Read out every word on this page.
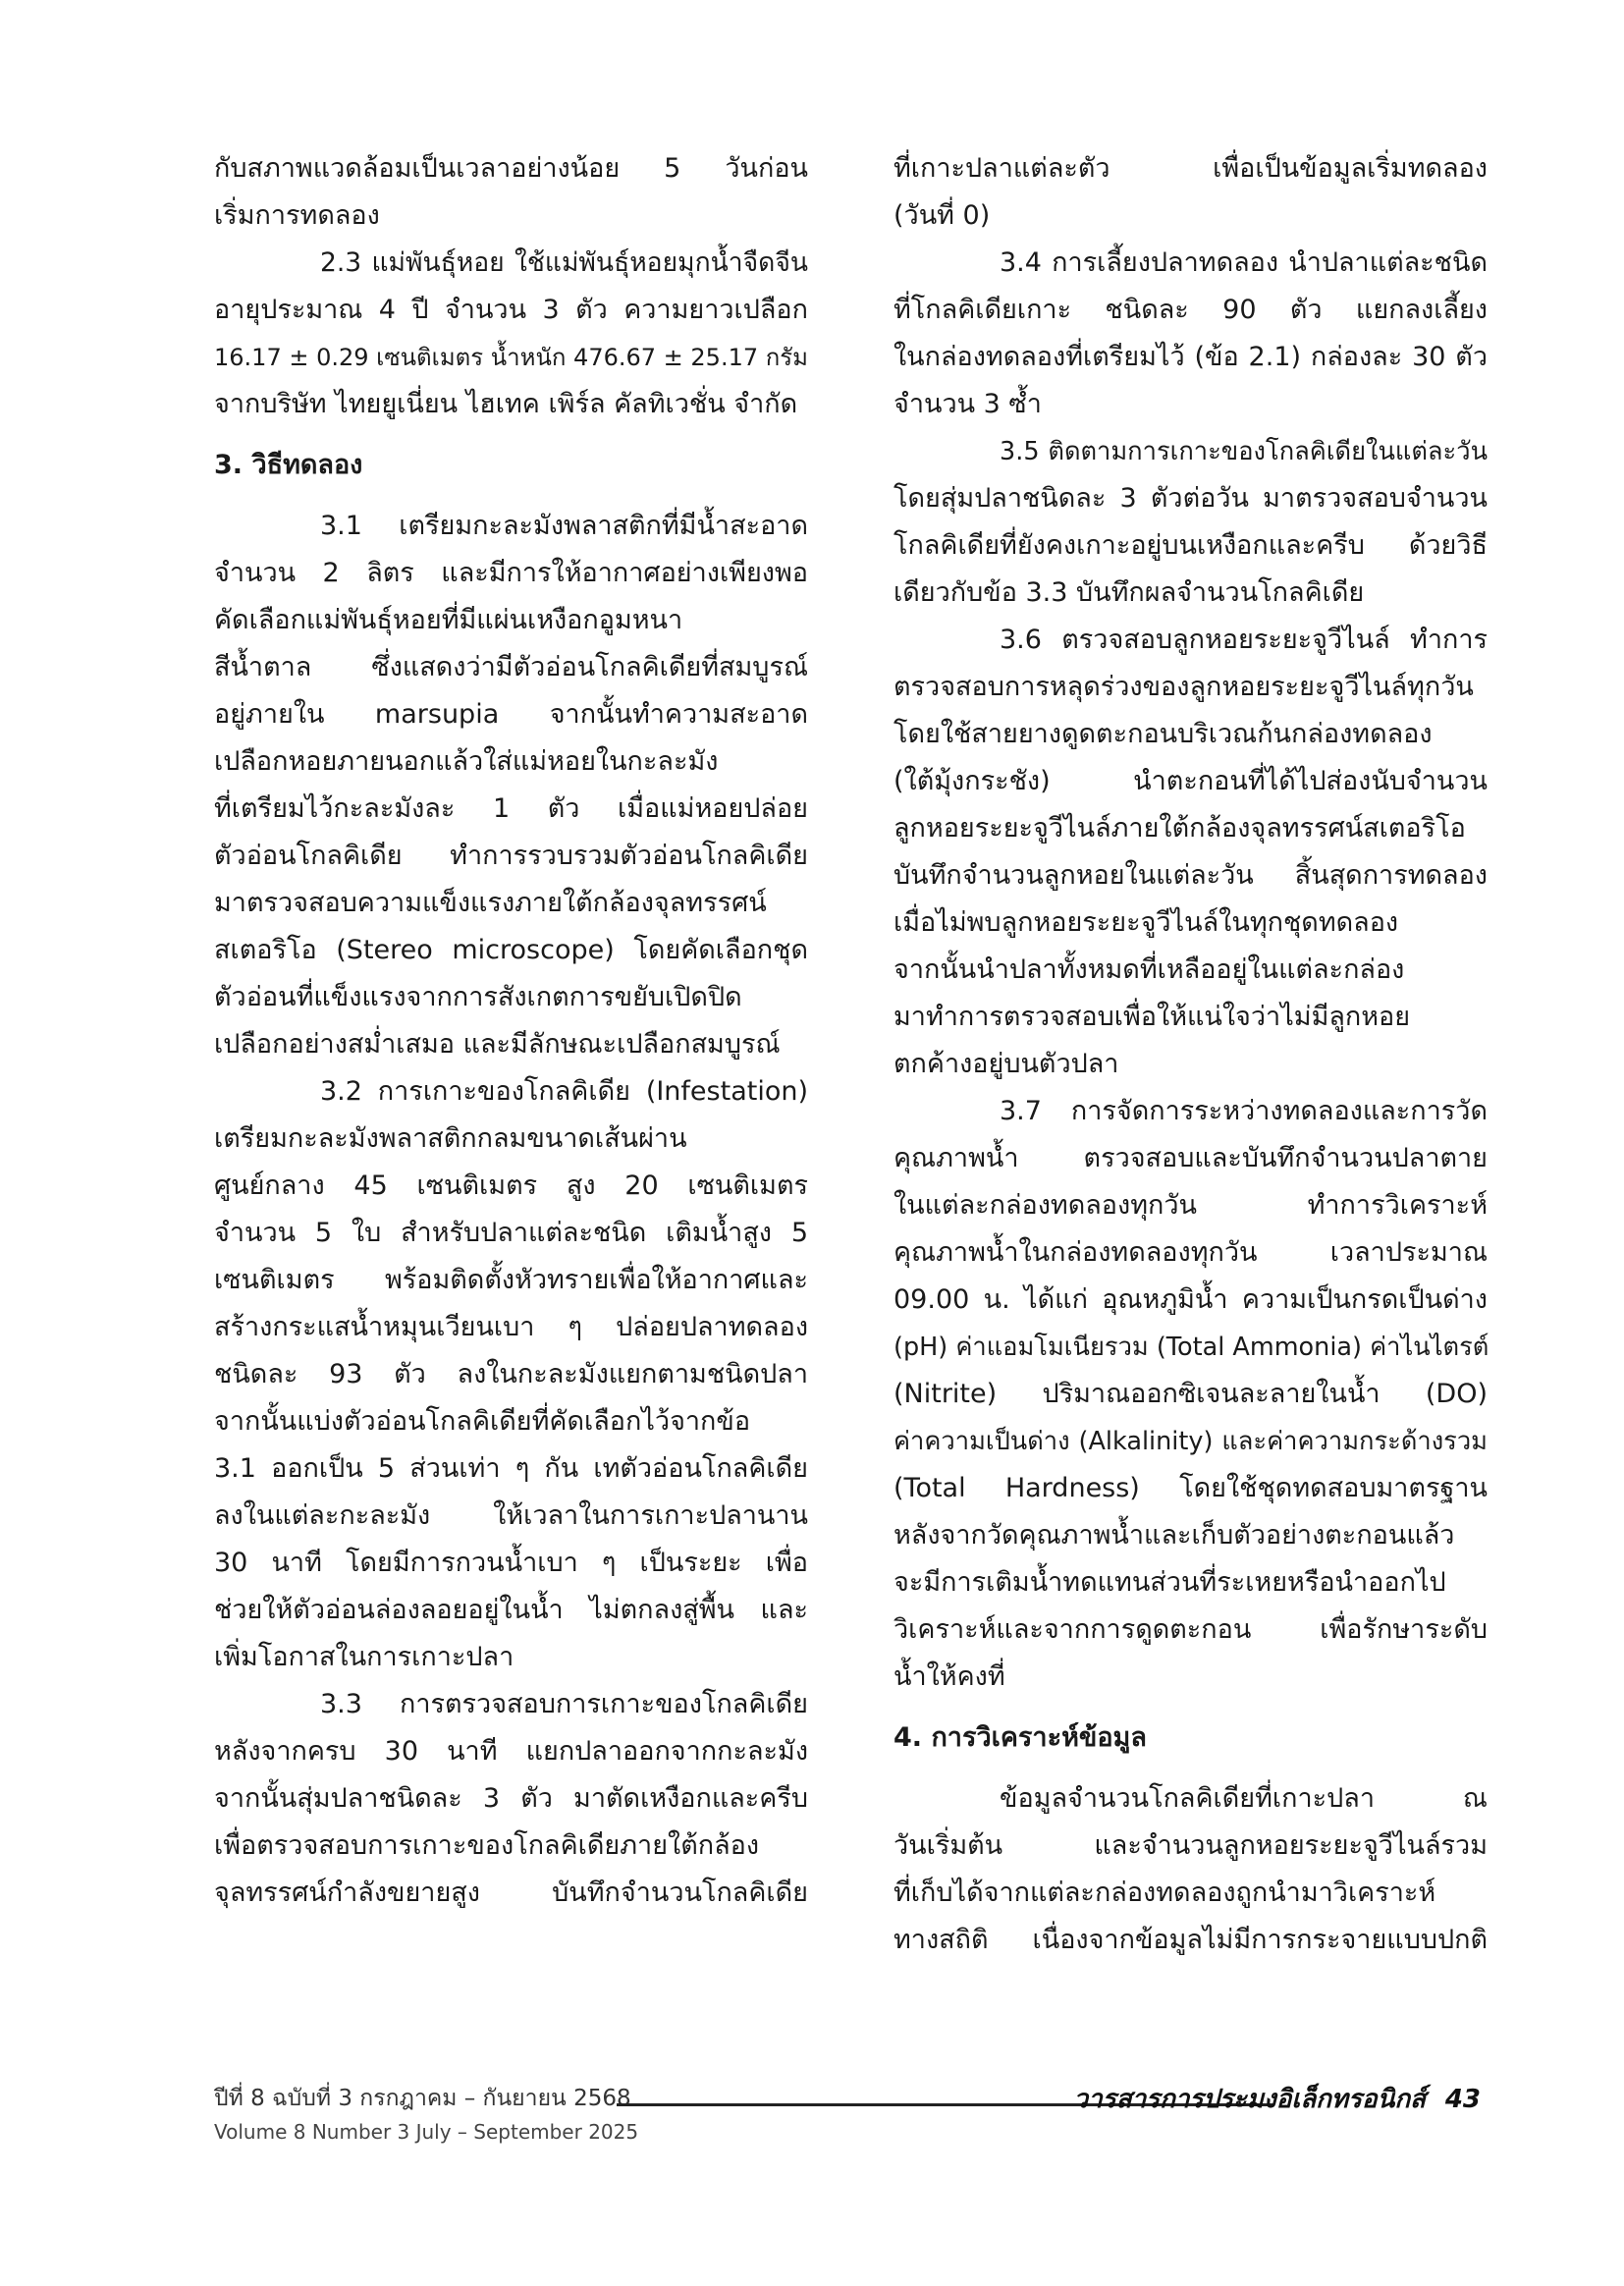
กับสภาพแวดล้อมเป็นเวลาอย่างน้อย 5 วันก่อน
เริ่มการทดลอง
2.3 แม่พันธุ์หอย ใช้แม่พันธุ์หอยมุกน้ำจืดจีน
อายุประมาณ 4 ปี จำนวน 3 ตัว ความยาวเปลือก
16.17 ± 0.29 เซนติเมตร น้ำหนัก 476.67 ± 25.17 กรัม
จากบริษัท ไทยยูเนี่ยน ไฮเทค เพิร์ล คัลทิเวชั่น จำกัด
3. วิธีทดลอง
3.1 เตรียมกะละมังพลาสติกที่มีน้ำสะอาด
จำนวน 2 ลิตร และมีการให้อากาศอย่างเพียงพอ
คัดเลือกแม่พันธุ์หอยที่มีแผ่นเหงือกอูมหนา
สีน้ำตาล ซึ่งแสดงว่ามีตัวอ่อนโกลคิเดียที่สมบูรณ์
อยู่ภายใน marsupia จากนั้นทำความสะอาด
เปลือกหอยภายนอกแล้วใส่แม่หอยในกะละมัง
ที่เตรียมไว้กะละมังละ 1 ตัว เมื่อแม่หอยปล่อย
ตัวอ่อนโกลคิเดีย ทำการรวบรวมตัวอ่อนโกลคิเดีย
มาตรวจสอบความแข็งแรงภายใต้กล้องจุลทรรศน์
สเตอริโอ (Stereo microscope) โดยคัดเลือกชุด
ตัวอ่อนที่แข็งแรงจากการสังเกตการขยับเปิดปิด
เปลือกอย่างสม่ำเสมอ และมีลักษณะเปลือกสมบูรณ์
3.2 การเกาะของโกลคิเดีย (Infestation)
เตรียมกะละมังพลาสติกกลมขนาดเส้นผ่าน
ศูนย์กลาง 45 เซนติเมตร สูง 20 เซนติเมตร
จำนวน 5 ใบ สำหรับปลาแต่ละชนิด เติมน้ำสูง 5
เซนติเมตร พร้อมติดตั้งหัวทรายเพื่อให้อากาศและ
สร้างกระแสน้ำหมุนเวียนเบา ๆ ปล่อยปลาทดลอง
ชนิดละ 93 ตัว ลงในกะละมังแยกตามชนิดปลา
จากนั้นแบ่งตัวอ่อนโกลคิเดียที่คัดเลือกไว้จากข้อ
3.1 ออกเป็น 5 ส่วนเท่า ๆ กัน เทตัวอ่อนโกลคิเดีย
ลงในแต่ละกะละมัง ให้เวลาในการเกาะปลานาน
30 นาที โดยมีการกวนน้ำเบา ๆ เป็นระยะ เพื่อ
ช่วยให้ตัวอ่อนล่องลอยอยู่ในน้ำ ไม่ตกลงสู่พื้น และ
เพิ่มโอกาสในการเกาะปลา
3.3 การตรวจสอบการเกาะของโกลคิเดีย
หลังจากครบ 30 นาที แยกปลาออกจากกะละมัง
จากนั้นสุ่มปลาชนิดละ 3 ตัว มาตัดเหงือกและครีบ
เพื่อตรวจสอบการเกาะของโกลคิเดียภายใต้กล้อง
จุลทรรศน์กำลังขยายสูง บันทึกจำนวนโกลคิเดีย
ที่เกาะปลาแต่ละตัว เพื่อเป็นข้อมูลเริ่มทดลอง
(วันที่ 0)
3.4 การเลี้ยงปลาทดลอง นำปลาแต่ละชนิด
ที่โกลคิเดียเกาะ ชนิดละ 90 ตัว แยกลงเลี้ยง
ในกล่องทดลองที่เตรียมไว้ (ข้อ 2.1) กล่องละ 30 ตัว
จำนวน 3 ซ้ำ
3.5 ติดตามการเกาะของโกลคิเดียในแต่ละวัน
โดยสุ่มปลาชนิดละ 3 ตัวต่อวัน มาตรวจสอบจำนวน
โกลคิเดียที่ยังคงเกาะอยู่บนเหงือกและครีบ ด้วยวิธี
เดียวกับข้อ 3.3 บันทึกผลจำนวนโกลคิเดีย
3.6 ตรวจสอบลูกหอยระยะจูวีไนล์ ทำการ
ตรวจสอบการหลุดร่วงของลูกหอยระยะจูวีไนล์ทุกวัน
โดยใช้สายยางดูดตะกอนบริเวณก้นกล่องทดลอง
(ใต้มุ้งกระชัง) นำตะกอนที่ได้ไปส่องนับจำนวน
ลูกหอยระยะจูวีไนล์ภายใต้กล้องจุลทรรศน์สเตอริโอ
บันทึกจำนวนลูกหอยในแต่ละวัน สิ้นสุดการทดลอง
เมื่อไม่พบลูกหอยระยะจูวีไนล์ในทุกชุดทดลอง
จากนั้นนำปลาทั้งหมดที่เหลืออยู่ในแต่ละกล่อง
มาทำการตรวจสอบเพื่อให้แน่ใจว่าไม่มีลูกหอย
ตกค้างอยู่บนตัวปลา
3.7 การจัดการระหว่างทดลองและการวัด
คุณภาพน้ำ ตรวจสอบและบันทึกจำนวนปลาตาย
ในแต่ละกล่องทดลองทุกวัน ทำการวิเคราะห์
คุณภาพน้ำในกล่องทดลองทุกวัน เวลาประมาณ
09.00 น. ได้แก่ อุณหภูมิน้ำ ความเป็นกรดเป็นด่าง
(pH) ค่าแอมโมเนียรวม (Total Ammonia) ค่าไนไตรต์
(Nitrite) ปริมาณออกซิเจนละลายในน้ำ (DO)
ค่าความเป็นด่าง (Alkalinity) และค่าความกระด้างรวม
(Total Hardness) โดยใช้ชุดทดสอบมาตรฐาน
หลังจากวัดคุณภาพน้ำและเก็บตัวอย่างตะกอนแล้ว
จะมีการเติมน้ำทดแทนส่วนที่ระเหยหรือนำออกไป
วิเคราะห์และจากการดูดตะกอน เพื่อรักษาระดับ
น้ำให้คงที่
4. การวิเคราะห์ข้อมูล
ข้อมูลจำนวนโกลคิเดียที่เกาะปลา ณ
วันเริ่มต้น และจำนวนลูกหอยระยะจูวีไนล์รวม
ที่เก็บได้จากแต่ละกล่องทดลองถูกนำมาวิเคราะห์
ทางสถิติ เนื่องจากข้อมูลไม่มีการกระจายแบบปกติ
ปีที่ 8 ฉบับที่ 3 กรกฎาคม – กันยายน 2568
Volume 8 Number 3 July – September 2025
วารสารการประมงอิเล็กทรอนิกส์ 43
